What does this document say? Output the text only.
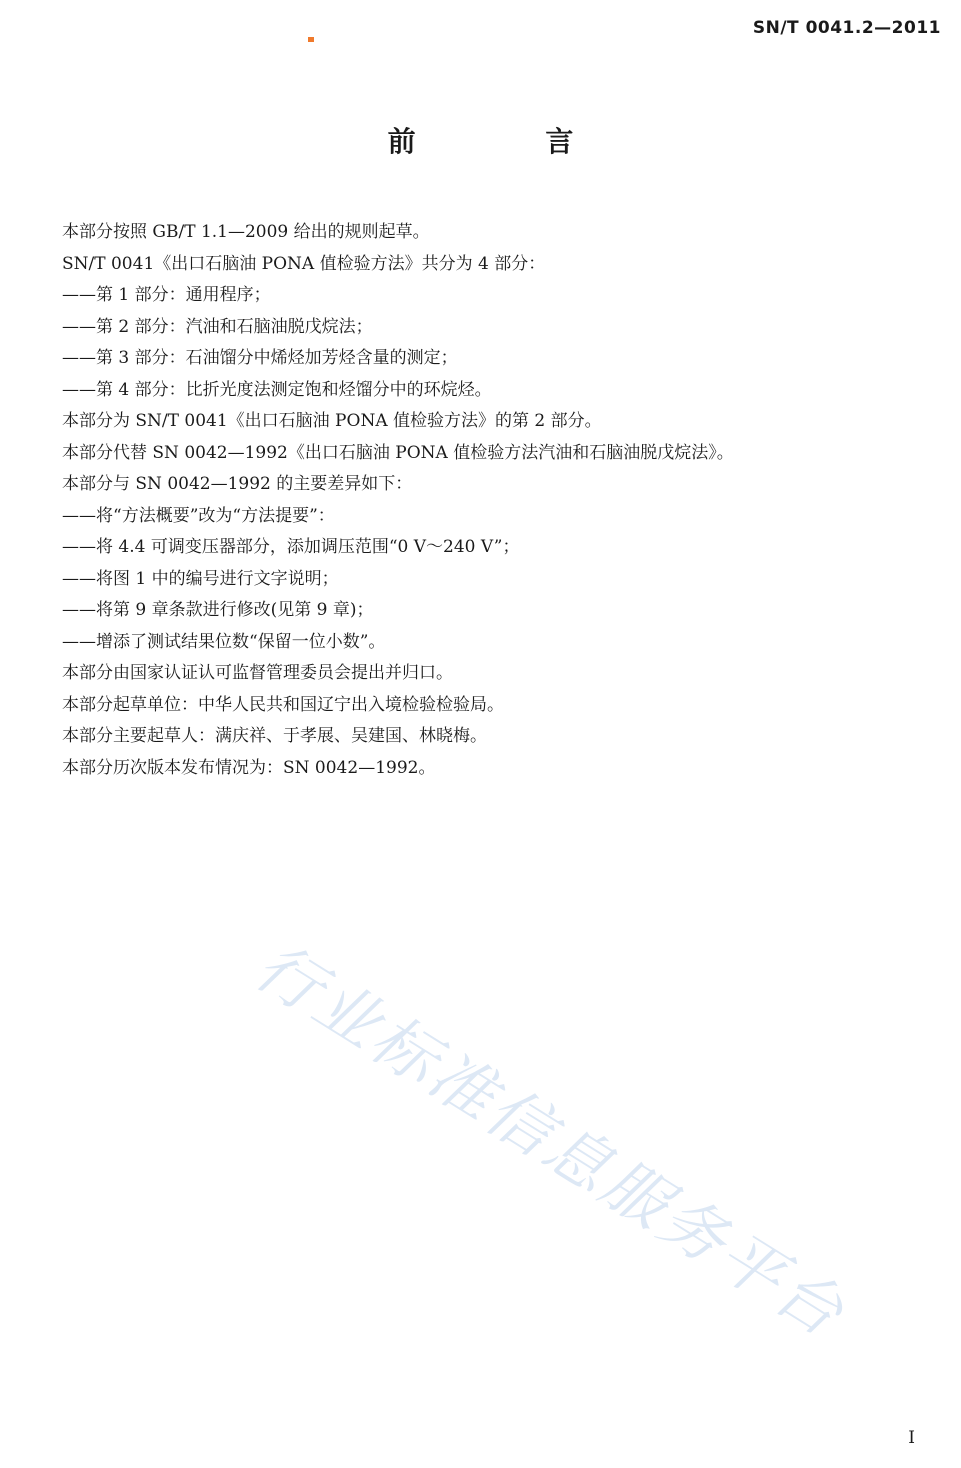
SN/T 0041.2—2011
前 言

本部分按照 GB/T 1.1—2009 给出的规则起草。

SN/T 0041《出口石脑油 PONA 值检验方法》共分为 4 部分：

——第 1 部分：通用程序；

——第 2 部分：汽油和石脑油脱戊烷法；

——第 3 部分：石油馏分中烯烃加芳烃含量的测定；

——第 4 部分：比折光度法测定饱和烃馏分中的环烷烃。

本部分为 SN/T 0041《出口石脑油 PONA 值检验方法》的第 2 部分。

本部分代替 SN 0042—1992《出口石脑油 PONA 值检验方法汽油和石脑油脱戊烷法》。

本部分与 SN 0042—1992 的主要差异如下：

——将“方法概要”改为“方法提要”：

——将 4.4 可调变压器部分，添加调压范围“0 V～240 V”；

——将图 1 中的编号进行文字说明；

——将第 9 章条款进行修改(见第 9 章)；

——增添了测试结果位数“保留一位小数”。

本部分由国家认证认可监督管理委员会提出并归口。

本部分起草单位：中华人民共和国辽宁出入境检验检验局。

本部分主要起草人：满庆祥、于孝展、吴建国、林晓梅。

本部分历次版本发布情况为：SN 0042—1992。

行业标准信息服务平台
I
